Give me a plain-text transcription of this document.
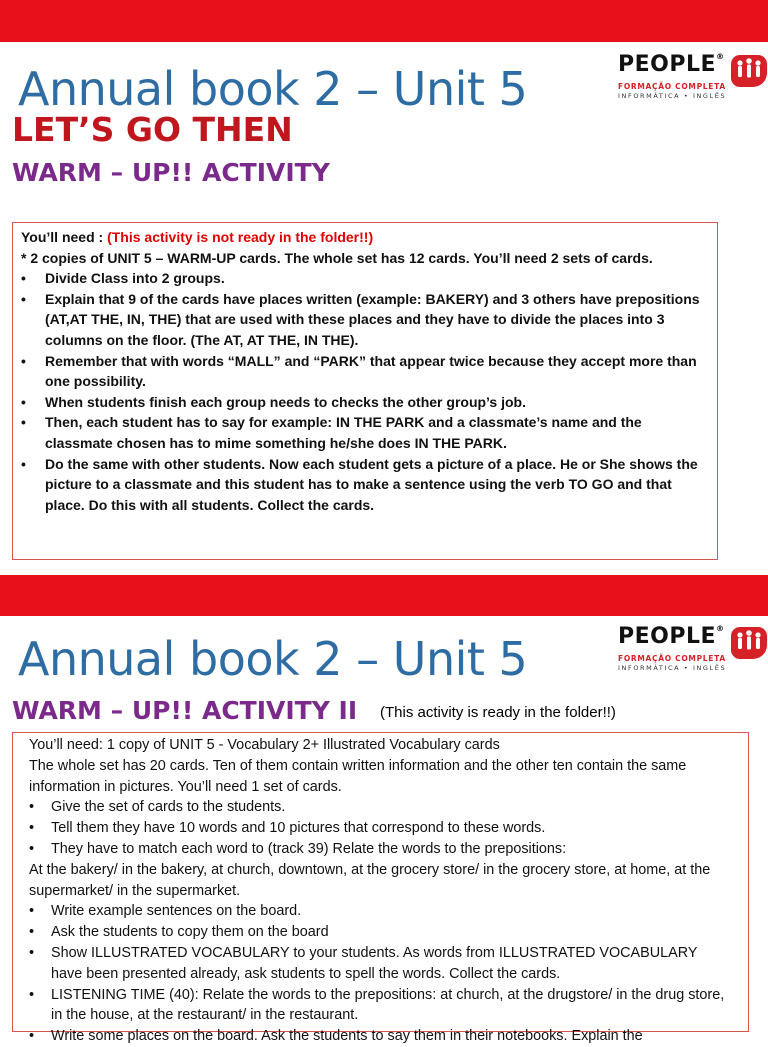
Annual book 2 – Unit 5	PEOPLE®
FORMAÇÃO COMPLETA
INFORMÁTICA • INGLÊS
LET’S GO THEN
WARM – UP!! ACTIVITY

You’ll need : (This activity is not ready in the folder!!)

* 2 copies of UNIT 5 – WARM-UP cards. The whole set has 12 cards. You’ll need 2 sets of cards.

• Divide Class into 2 groups.
• Explain that 9 of the cards have places written (example: BAKERY) and 3 others have prepositions (AT,AT THE, IN, THE) that are used with these places and they have to divide the places into 3 columns on the floor. (The AT, AT THE, IN THE).
• Remember that with words “MALL” and “PARK” that appear twice because they accept more than one possibility.
• When students finish each group needs to checks the other group’s job.
• Then, each student has to say for example: IN THE PARK and a classmate’s name and the classmate chosen has to mime something he/she does IN THE PARK.
• Do the same with other students. Now each student gets a picture of a place. He or She shows the picture to a classmate and this student has to make a sentence using the verb TO GO and that place. Do this with all students. Collect the cards.
Annual book 2 – Unit 5	PEOPLE®
FORMAÇÃO COMPLETA
INFORMÁTICA • INGLÊS
WARM – UP!! ACTIVITY II (This activity is ready in the folder!!)

You’ll need: 1 copy of UNIT 5 - Vocabulary 2+ Illustrated Vocabulary cards

The whole set has 20 cards. Ten of them contain written information and the other ten contain the same information in pictures. You’ll need 1 set of cards.

• Give the set of cards to the students.
• Tell them they have 10 words and 10 pictures that correspond to these words.
• They have to match each word to (track 39) Relate the words to the prepositions:

At the bakery/ in the bakery, at church, downtown, at the grocery store/ in the grocery store, at home, at the supermarket/ in the supermarket.

• Write example sentences on the board.
• Ask the students to copy them on the board
• Show ILLUSTRATED VOCABULARY to your students. As words from ILLUSTRATED VOCABULARY have been presented already, ask students to spell the words. Collect the cards.
• LISTENING TIME (40): Relate the words to the prepositions: at church, at the drugstore/ in the drug store, in the house, at the restaurant/ in the restaurant.
• Write some places on the board. Ask the students to say them in their notebooks. Explain the
